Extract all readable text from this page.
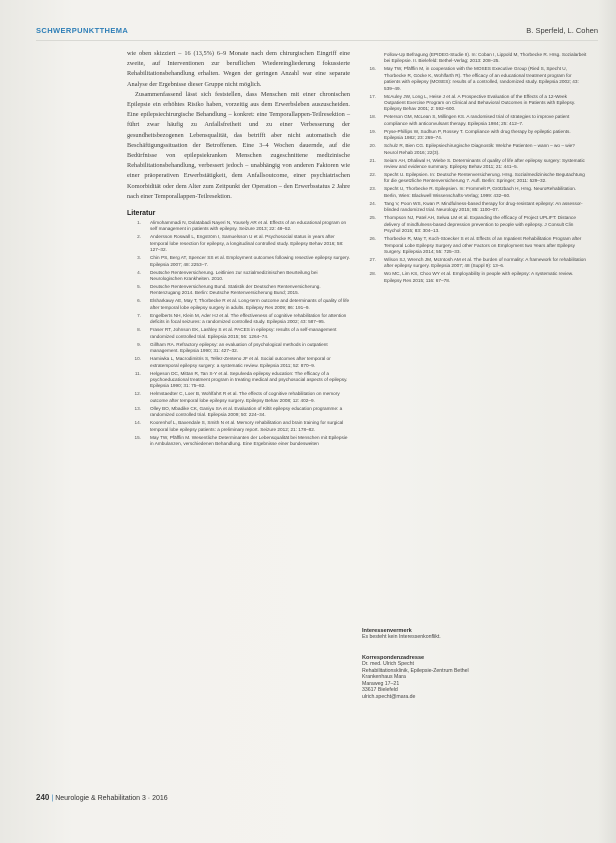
SCHWERPUNKTTHEMA	B. Sperfeld, L. Cohen

wie oben skizziert – 16 (13,5%) 6–9 Monate nach dem chirurgischen Eingriff eine zweite, auf Interventionen zur beruflichen Wiedereingliederung fokussierte Rehabilitationsbehandlung erhalten. Wegen der geringen Anzahl war eine separate Analyse der Ergebnisse dieser Gruppe nicht möglich.

Zusammenfassend lässt sich feststellen, dass Menschen mit einer chronischen Epilepsie ein erhöhtes Risiko haben, vorzeitig aus dem Erwerbsleben auszuscheiden. Eine epilepsiechirurgische Behandlung – konkret: eine Temporallappen-Teilresektion – führt zwar häufig zu Anfallsfreiheit und zu einer Verbesserung der gesundheitsbezogenen Lebensqualität, das betrifft aber nicht automatisch die Beschäftigungssituation der Betroffenen. Eine 3–4 Wochen dauernde, auf die Bedürfnisse von epilepsiekranken Menschen zugeschnittene medizinische Rehabilitationsbehandlung, verbessert jedoch – unabhängig von anderen Faktoren wie einer präoperativen Erwerbstätigkeit, dem Anfallsoutcome, einer psychiatrischen Komorbidität oder dem Alter zum Zeitpunkt der Operation – den Erwerbsstatus 2 Jahre nach einer Temporallappen-Teilresektion.

Literatur
1. Alimohammadi N, Dolatabadi Nayeri N, Yousefy AR et al. Effects of an educational program on self management in patients with epilepsy. Seizure 2013; 22: 48–52.
2. Andersson Roswall L, Engström I, Samuelsson U et al. Psychosocial status in years after temporal lobe resection for epilepsy, a longitudinal controlled study. Epilepsy Behav 2016; 58: 127–32.
3. Chin PS, Berg AT, Spencer SS et al. Employment outcomes following resective epilepsy surgery. Epilepsia 2007; 48: 2253–7.
4. Deutsche Rentenversicherung. Leitlinien zur sozialmedizinischen Beurteilung bei Neurologischen Krankheiten. 2010.
5. Deutsche Rentenversicherung Bund. Statistik der Deutschen Rentenversicherung. Rentenzugang 2014. Berlin: Deutsche Rentenversicherung Bund; 2015.
6. Elsharkawy AE, May T, Thorbecke R et al. Long-term outcome and determinants of quality of life after temporal lobe epilepsy surgery in adults. Epilepsy Res 2009; 86: 191–9.
7. Engelberts NH, Klein M, Ader HJ et al. The effectiveness of cognitive rehabilitation for attention deficits in focal seizures: a randomized controlled study. Epilepsia 2002; 43: 587–95.
8. Fraser RT, Johnson EK, Lashley S et al. PACES in epilepsy: results of a self-management randomized controlled trial. Epilepsia 2015; 56: 1264–74.
9. Gillham RA. Refractory epilepsy: an evaluation of psychological methods in outpatient management. Epilepsia 1990; 31: 427–32.
10. Hamiwka L, Macrodimitris S, Tellez-Zenteno JF et al. Social outcomes after temporal or extratemporal epilepsy surgery: a systematic review. Epilepsia 2011; 52: 870–9.
11. Helgeson DC, Mittan R, Tan S-Y et al. Sepulveda epilepsy education: The efficacy of a psychoeducational treatment program in treating medical and psychosocial aspects of epilepsy. Epilepsia 1990; 31: 75–82.
12. Helmstaedter C, Loer B, Wohlfahrt R et al. The effects of cognitive rehabilitation on memory outcome after temporal lobe epilepsy surgery. Epilepsy Behav 2008; 12: 402–9.
13. Olley BO, Mbadike CK, Ganiyu SA et al. Evaluation of Kiltit epilepsy education programme: a randomized controlled trial. Epilepsia 2009; 50: 224–34.
14. Koorenhof L, Baxendale S, Smith N et al. Memory rehabilitation and brain training for surgical temporal lobe epilepsy patients: a preliminary report. Seizure 2012; 21: 178–82.
15. May TW, Pfäfflin M. Wesentliche Determinanten der Lebensqualität bei Menschen mit Epilepsie in Ambulanzen, verschiedenen Behandlung. Eine Ergebnisse einer bundesweiten
Follow-Up Befragung (EPIDEG-Studie II). In: Coban I, Lippold M, Thorbecke R. Hrsg. Sozialarbeit bei Epilepsie. II. Bielefeld: Bethel-Verlag; 2013: 208–25.
16. May TW, Pfäfflin M, in cooperation with the MOSES Executive Group (Ried S, Specht U, Thorbecke R, Göcke K, Wohlfarth R). The efficacy of an educational treatment program for patients with epilepsy (MOSES): results of a controlled, randomized study. Epilepsia 2002; 43: 539–49.
17. McAuley JW, Long L, Heise J et al. A Prospective Evaluation of the Effects of a 12-Week Outpatient Exercise Program on Clinical and Behavioral Outcomes in Patients with Epilepsy. Epilepsy Behav 2001; 2: 592–600.
18. Peterson GM, McLean S, Millingen KS. A randomised trial of strategies to improve patient compliance with anticonvulsant therapy. Epilepsia 1984; 25: 412–7.
19. Pryse-Phillips W, Sodhun P, Rossey T. Compliance with drug therapy by epileptic patients. Epilepsia 1982; 23: 269–74.
20. Schulz R, Bien CG. Epilepsiechirurgische Diagnostik: Welche Patienten – wann – wo – wie? Neurol Rehab 2016; 22(3).
21. Seiam AH, Dhaliwal H, Wiebe S. Determinants of quality of life after epilepsy surgery: Systematic review and evidence summary. Epilepsy Behav 2011; 21: 441–5.
22. Specht U. Epilepsien. In: Deutsche Rentenversicherung. Hrsg. Sozialmedizinische Begutachtung für die gesetzliche Rentenversicherung 7. Aufl. Berlin: Springer; 2011: 529–32.
23. Specht U, Thorbecke R. Epilepsien. In: Frommelt P, Grötzbach H, Hrsg. NeuroRehabilitation. Berlin, Wien: Blackwell Wissenschafts-Verlag; 1999: 432–60.
24. Tang V, Poon WS, Kwan P. Mindfulness-based therapy for drug-resistant epilepsy: An assessor-blinded randomized trial. Neurology 2015; 85: 1100–07.
25. Thompson NJ, Patel AH, Selwa LM et al. Expanding the efficacy of Project UPLIFT: Distance delivery of mindfulness-based depression prevention to people with epilepsy. J Consult Clin Psychol 2015; 83: 304–13.
26. Thorbecke R, May T, Koch-Stoecker S et al. Effects of an Inpatient Rehabilitation Program after Temporal Lobe Epilepsy Surgery and other Factors on Employment two Years after Epilepsy Surgery. Epilepsia 2014; 55: 725–33.
27. Wilson SJ, Wrench JM, McIntosh AM et al. The burden of normality: A framework for rehabilitation after epilepsy surgery. Epilepsia 2007; 48 (Suppl 9): 13–6.
28. Wo MC, Lim KS, Choo WY et al. Employability in people with epilepsy: A systematic review. Epilepsy Res 2015; 116: 67–78.
Interessenvermerk
Es besteht kein Interessenkonflikt.
Korrespondenzadresse
Dr. med. Ulrich Specht
Rehabilitationsklinik, Epilepsie-Zentrum Bethel
Krankenhaus Mara
Maraweg 17–21
33617 Bielefeld
ulrich.specht@mara.de
240 | Neurologie & Rehabilitation 3 · 2016
